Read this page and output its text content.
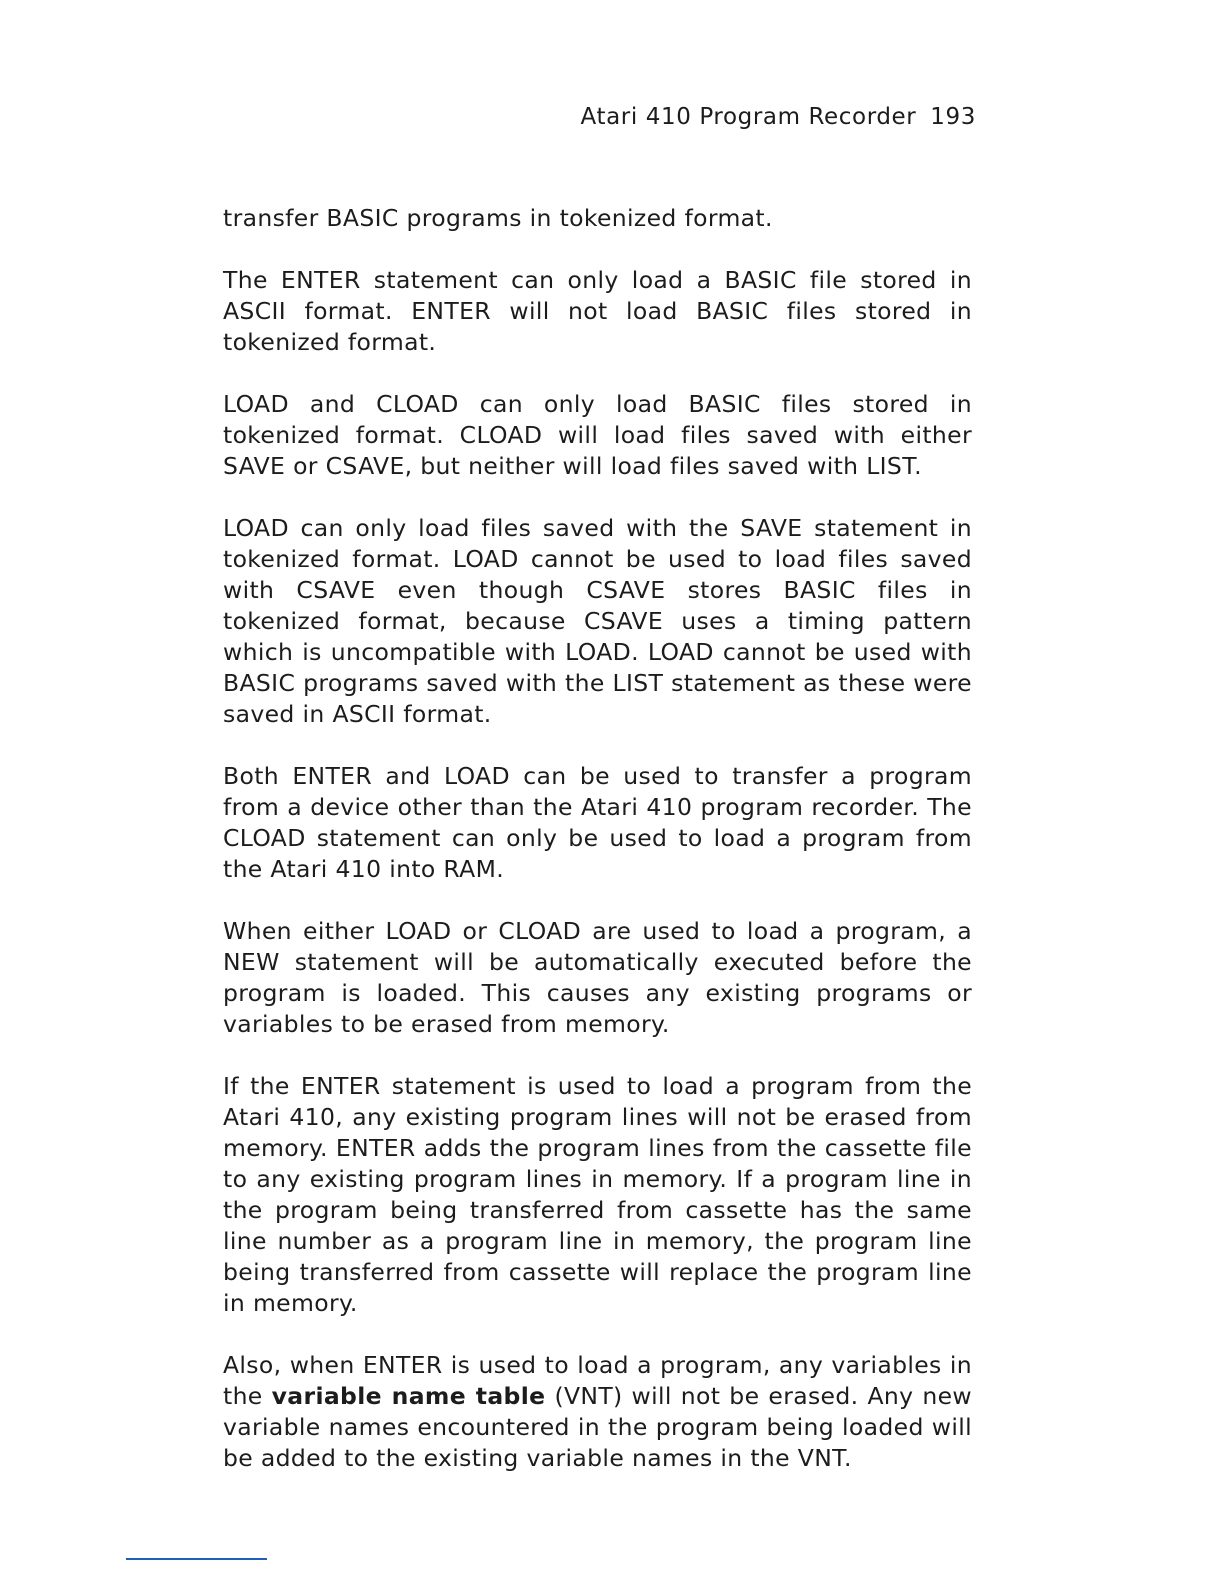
Atari 410 Program Recorder 193

transfer BASIC programs in tokenized format.

The ENTER statement can only load a BASIC file stored in ASCII format. ENTER will not load BASIC files stored in tokenized format.

LOAD and CLOAD can only load BASIC files stored in tokenized format. CLOAD will load files saved with either SAVE or CSAVE, but neither will load files saved with LIST.

LOAD can only load files saved with the SAVE statement in tokenized format. LOAD cannot be used to load files saved with CSAVE even though CSAVE stores BASIC files in tokenized format, because CSAVE uses a timing pattern which is uncompatible with LOAD. LOAD cannot be used with BASIC programs saved with the LIST statement as these were saved in ASCII format.

Both ENTER and LOAD can be used to transfer a program from a device other than the Atari 410 program recorder. The CLOAD statement can only be used to load a program from the Atari 410 into RAM.

When either LOAD or CLOAD are used to load a program, a NEW statement will be automatically executed before the program is loaded. This causes any existing programs or variables to be erased from memory.

If the ENTER statement is used to load a program from the Atari 410, any existing program lines will not be erased from memory. ENTER adds the program lines from the cassette file to any existing program lines in memory. If a program line in the program being transferred from cassette has the same line number as a program line in memory, the program line being transferred from cassette will replace the program line in memory.

Also, when ENTER is used to load a program, any variables in the variable name table (VNT) will not be erased. Any new variable names encountered in the program being loaded will be added to the existing variable names in the VNT.
